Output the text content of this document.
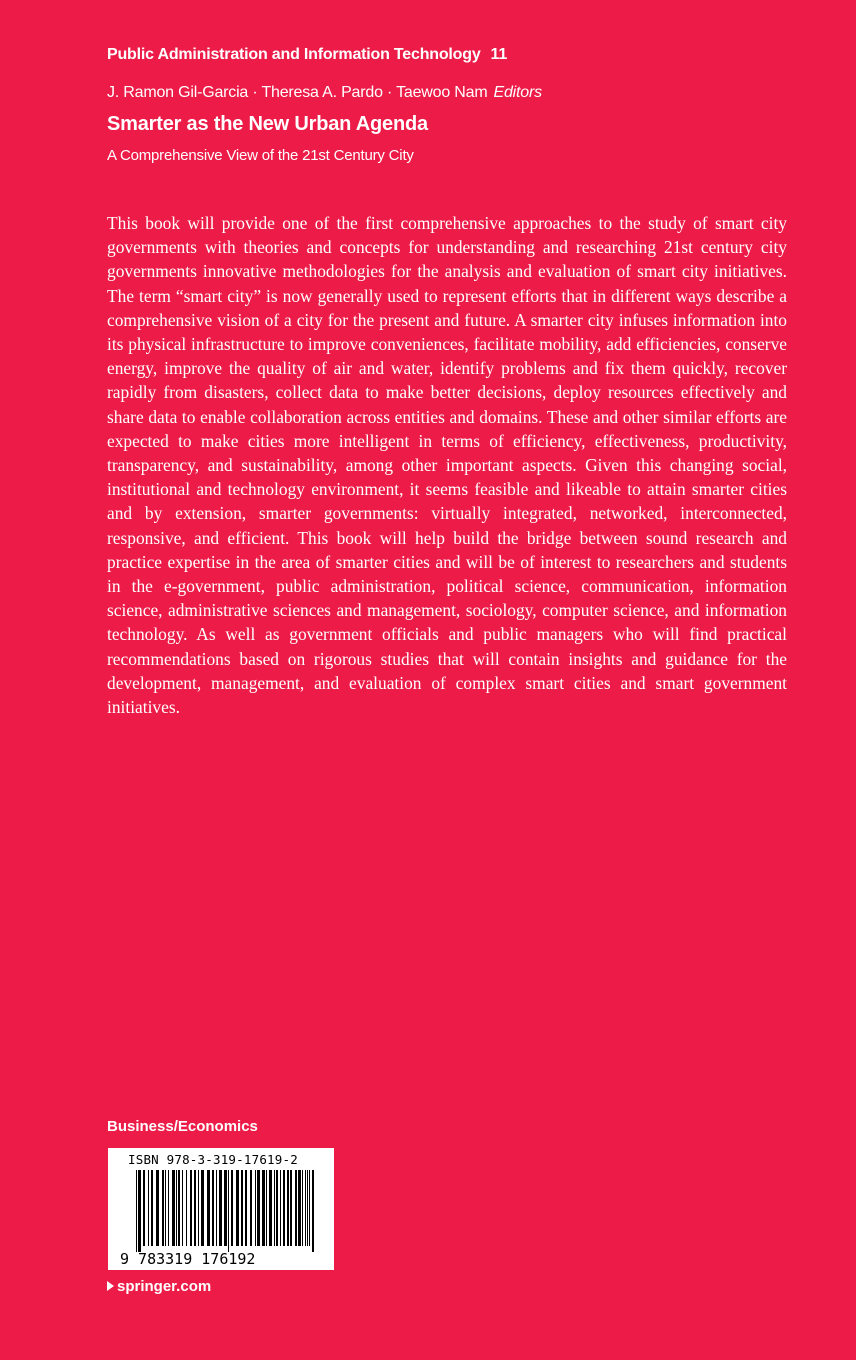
Public Administration and Information Technology 11
J. Ramon Gil-Garcia · Theresa A. Pardo · Taewoo Nam Editors
Smarter as the New Urban Agenda
A Comprehensive View of the 21st Century City

This book will provide one of the first comprehensive approaches to the study of smart city governments with theories and concepts for understanding and researching 21st century city governments innovative methodologies for the analysis and evaluation of smart city initiatives. The term “smart city” is now generally used to represent efforts that in different ways describe a comprehensive vision of a city for the present and future. A smarter city infuses information into its physical infrastructure to improve conveniences, facilitate mobility, add efficiencies, conserve energy, improve the quality of air and water, identify problems and fix them quickly, recover rapidly from disasters, collect data to make better decisions, deploy resources effectively and share data to enable collaboration across entities and domains. These and other similar efforts are expected to make cities more intelligent in terms of efficiency, effectiveness, productivity, transparency, and sustainability, among other important aspects. Given this changing social, institutional and technology environment, it seems feasible and likeable to attain smarter cities and by extension, smarter governments: virtually integrated, networked, interconnected, responsive, and efficient. This book will help build the bridge between sound research and practice expertise in the area of smarter cities and will be of interest to researchers and students in the e-government, public administration, political science, communication, information science, administrative sciences and management, sociology, computer science, and information technology. As well as government officials and public managers who will find practical recommendations based on rigorous studies that will contain insights and guidance for the development, management, and evaluation of complex smart cities and smart government initiatives.

Business/Economics
ISBN 978-3-319-17619-2
9 783319 176192
springer.com
